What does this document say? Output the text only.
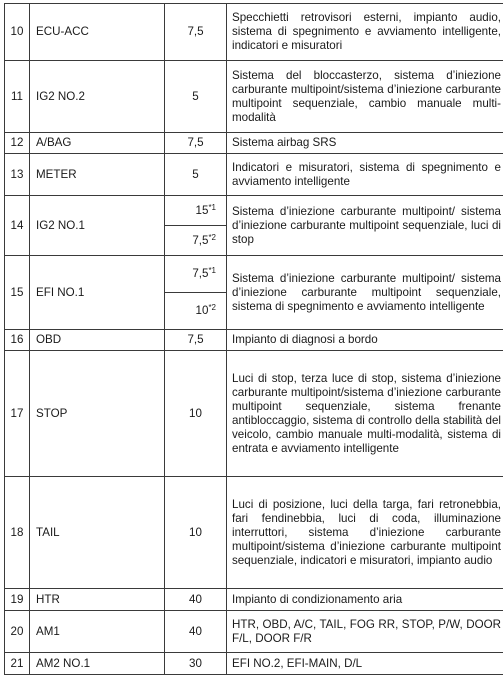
10	ECU-ACC	7,5	Specchietti retrovisori esterni, impianto audio, sistema di spegnimento e avviamento intelligente, indicatori e misuratori
11	IG2 NO.2	5	Sistema del bloccasterzo, sistema d’iniezione carburante multipoint/sistema d’iniezione carburante multipoint sequenziale, cambio manuale multi-modalità
12	A/BAG	7,5	Sistema airbag SRS
13	METER	5	Indicatori e misuratori, sistema di spegnimento e avviamento intelligente
14	IG2 NO.1	15$^{*1}$	Sistema d’iniezione carburante multipoint/ sistema d’iniezione carburante multipoint sequenziale, luci di stop
		7,5$^{*2}$
15	EFI NO.1	7,5$^{*1}$	Sistema d’iniezione carburante multipoint/ sistema d’iniezione carburante multipoint sequenziale, sistema di spegnimento e avviamento intelligente
		10$^{*2}$
16	OBD	7,5	Impianto di diagnosi a bordo
17	STOP	10	Luci di stop, terza luce di stop, sistema d’iniezione carburante multipoint/sistema d’iniezione carburante multipoint sequenziale, sistema frenante antibloccaggio, sistema di controllo della stabilità del veicolo, cambio manuale multi-modalità, sistema di entrata e avviamento intelligente
18	TAIL	10	Luci di posizione, luci della targa, fari retronebbia, fari fendinebbia, luci di coda, illuminazione interruttori, sistema d’iniezione carburante multipoint/sistema d’iniezione carburante multipoint sequenziale, indicatori e misuratori, impianto audio
19	HTR	40	Impianto di condizionamento aria
20	AM1	40	HTR, OBD, A/C, TAIL, FOG RR, STOP, P/W, DOOR F/L, DOOR F/R
21	AM2 NO.1	30	EFI NO.2, EFI-MAIN, D/L
